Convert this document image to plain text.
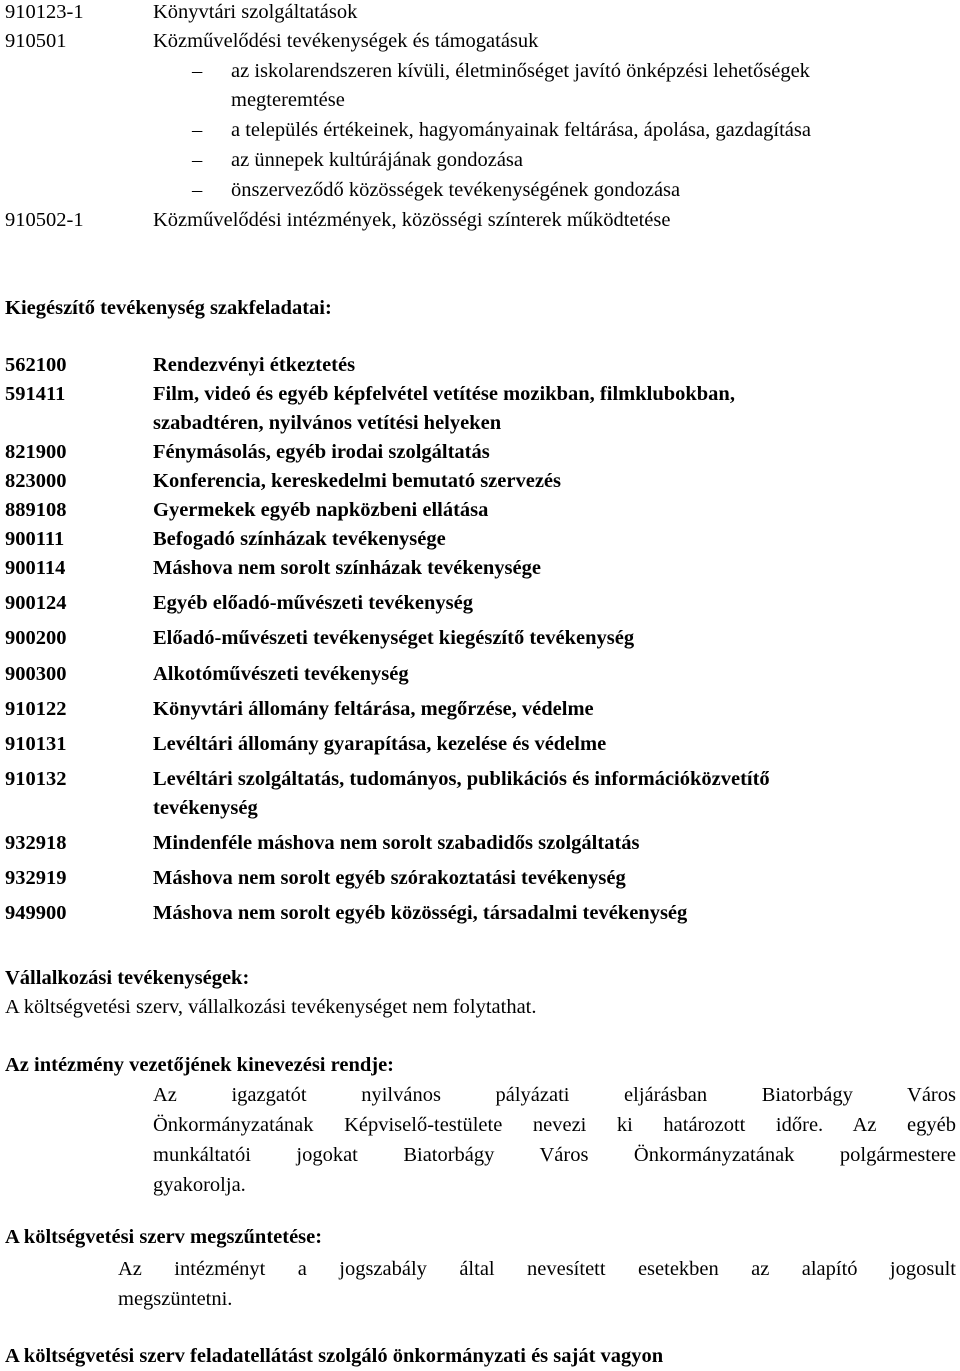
910123-1	Könyvtári szolgáltatások
910501	Közművelődési tevékenységek és támogatásuk
– az iskolarendszeren kívüli, életminőséget javító önképzési lehetőségek
megteremtése
– a település értékeinek, hagyományainak feltárása, ápolása, gazdagítása
– az ünnepek kultúrájának gondozása
– önszerveződő közösségek tevékenységének gondozása
910502-1	Közművelődési intézmények, közösségi színterek működtetése
Kiegészítő tevékenység szakfeladatai:
562100	Rendezvényi étkeztetés
591411	Film, videó és egyéb képfelvétel vetítése mozikban, filmklubokban,
szabadtéren, nyilvános vetítési helyeken
821900	Fénymásolás, egyéb irodai szolgáltatás
823000	Konferencia, kereskedelmi bemutató szervezés
889108	Gyermekek egyéb napközbeni ellátása
900111	Befogadó színházak tevékenysége
900114	Máshova nem sorolt színházak tevékenysége
900124	Egyéb előadó-művészeti tevékenység
900200	Előadó-művészeti tevékenységet kiegészítő tevékenység
900300	Alkotóművészeti tevékenység
910122	Könyvtári állomány feltárása, megőrzése, védelme
910131	Levéltári állomány gyarapítása, kezelése és védelme
910132	Levéltári szolgáltatás, tudományos, publikációs és információközvetítő
tevékenység
932918	Mindenféle máshova nem sorolt szabadidős szolgáltatás
932919	Máshova nem sorolt egyéb szórakoztatási tevékenység
949900	Máshova nem sorolt egyéb közösségi, társadalmi tevékenység
Vállalkozási tevékenységek:
A költségvetési szerv, vállalkozási tevékenységet nem folytathat.
Az intézmény vezetőjének kinevezési rendje:
Az igazgatót nyilvános pályázati eljárásban Biatorbágy Város
Önkormányzatának Képviselő-testülete nevezi ki határozott időre. Az egyéb
munkáltatói jogokat Biatorbágy Város Önkormányzatának polgármestere
gyakorolja.
A költségvetési szerv megszűntetése:
Az intézményt a jogszabály által nevesített esetekben az alapító jogosult
megszüntetni.
A költségvetési szerv feladatellátást szolgáló önkormányzati és saját vagyon
